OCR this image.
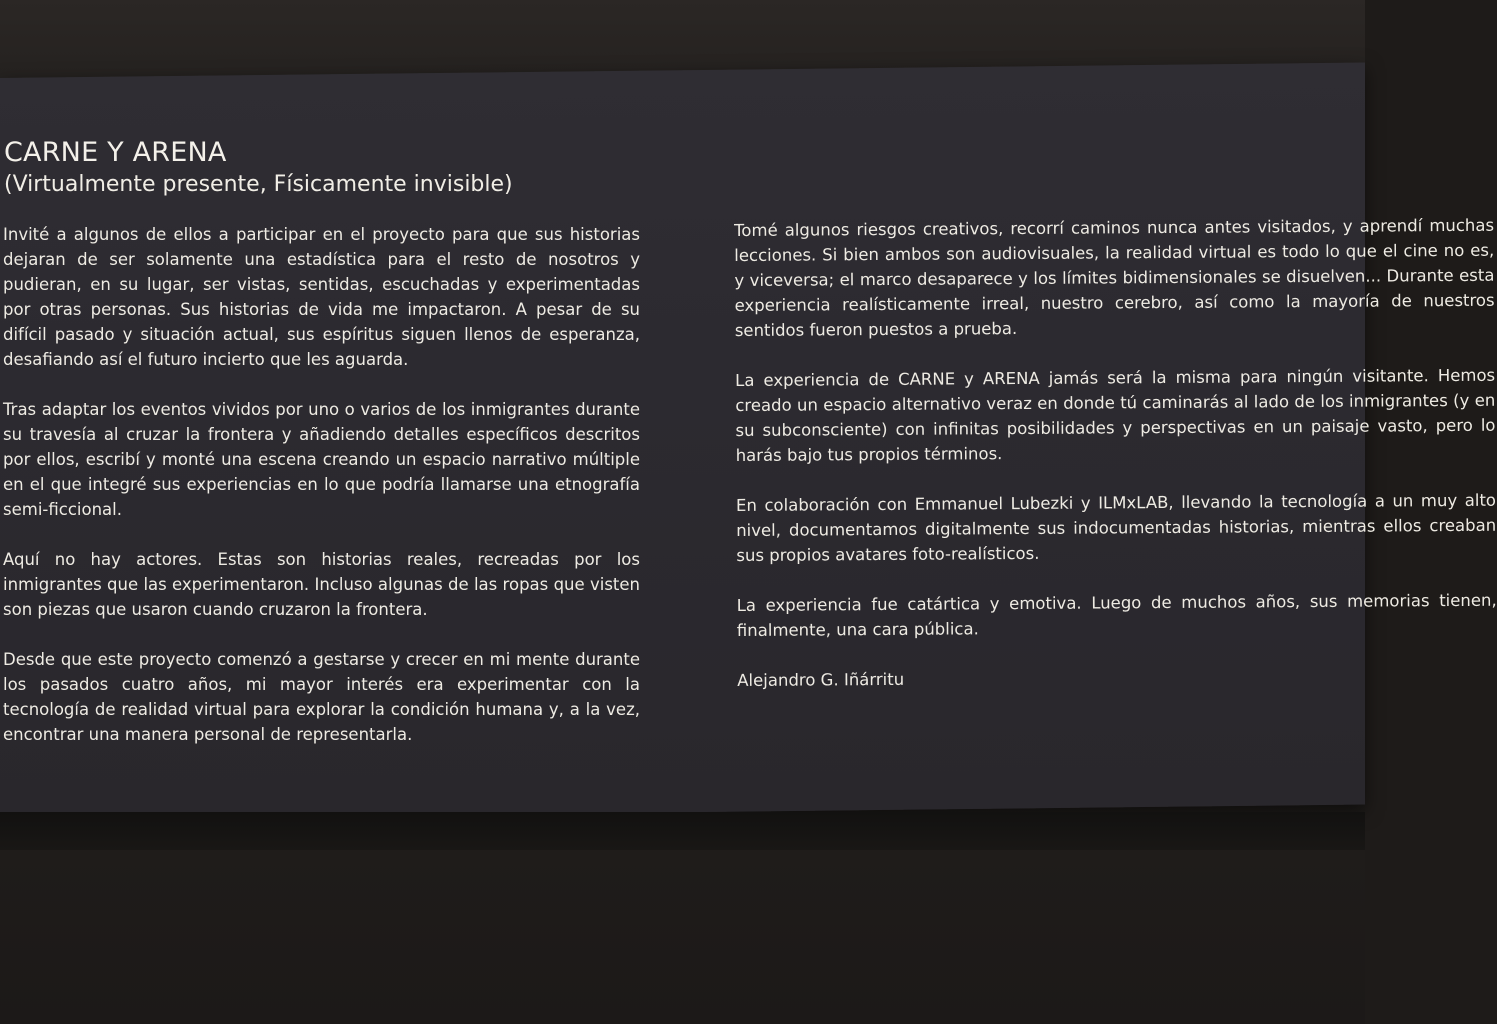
CARNE Y ARENA
(Virtualmente presente, Físicamente invisible)

Invité a algunos de ellos a participar en el proyecto para que sus historias dejaran de ser solamente una estadística para el resto de nosotros y pudieran, en su lugar, ser vistas, sentidas, escuchadas y experimentadas por otras personas. Sus historias de vida me impactaron. A pesar de su difícil pasado y situación actual, sus espíritus siguen llenos de esperanza, desafiando así el futuro incierto que les aguarda.

Tras adaptar los eventos vividos por uno o varios de los inmigrantes durante su travesía al cruzar la frontera y añadiendo detalles específicos descritos por ellos, escribí y monté una escena creando un espacio narrativo múltiple en el que integré sus experiencias en lo que podría llamarse una etnografía semi-ficcional.

Aquí no hay actores. Estas son historias reales, recreadas por los inmigrantes que las experimentaron. Incluso algunas de las ropas que visten son piezas que usaron cuando cruzaron la frontera.

Desde que este proyecto comenzó a gestarse y crecer en mi mente durante los pasados cuatro años, mi mayor interés era experimentar con la tecnología de realidad virtual para explorar la condición humana y, a la vez, encontrar una manera personal de representarla.

Tomé algunos riesgos creativos, recorrí caminos nunca antes visitados, y aprendí muchas lecciones. Si bien ambos son audiovisuales, la realidad virtual es todo lo que el cine no es, y viceversa; el marco desaparece y los límites bidimensionales se disuelven... Durante esta experiencia realísticamente irreal, nuestro cerebro, así como la mayoría de nuestros sentidos fueron puestos a prueba.

La experiencia de CARNE y ARENA jamás será la misma para ningún visitante. Hemos creado un espacio alternativo veraz en donde tú caminarás al lado de los inmigrantes (y en su subconsciente) con infinitas posibilidades y perspectivas en un paisaje vasto, pero lo harás bajo tus propios términos.

En colaboración con Emmanuel Lubezki y ILMxLAB, llevando la tecnología a un muy alto nivel, documentamos digitalmente sus indocumentadas historias, mientras ellos creaban sus propios avatares foto-realísticos.

La experiencia fue catártica y emotiva. Luego de muchos años, sus memorias tienen, finalmente, una cara pública.

Alejandro G. Iñárritu
